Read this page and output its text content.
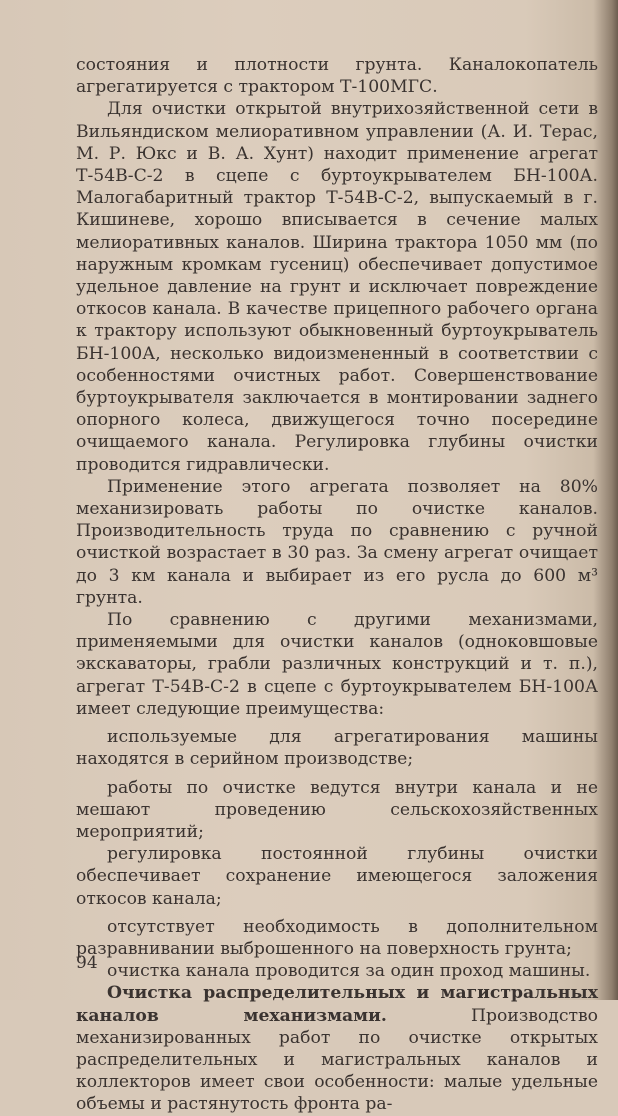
состояния и плотности грунта. Каналокопатель агрегатируется с трактором Т-100МГС.

Для очистки открытой внутрихозяйственной сети в Вильяндиском мелиоративном управлении (А. И. Терас, М. Р. Юкс и В. А. Хунт) находит применение агрегат Т-54В-С-2 в сцепе с буртоукрывателем БН-100А. Малогабаритный трактор Т-54В-С-2, выпускаемый в г. Кишиневе, хорошо вписывается в сечение малых мелиоративных каналов. Ширина трактора 1050 мм (по наружным кромкам гусениц) обеспечивает допустимое удельное давление на грунт и исключает повреждение откосов канала. В качестве прицепного рабочего органа к трактору используют обыкновенный буртоукрыватель БН-100А, несколько видоизмененный в соответствии с особенностями очистных работ. Совершенствование буртоукрывателя заключается в монтировании заднего опорного колеса, движущегося точно посередине очищаемого канала. Регулировка глубины очистки проводится гидравлически.

Применение этого агрегата позволяет на 80% механизировать работы по очистке каналов. Производительность труда по сравнению с ручной очисткой возрастает в 30 раз. За смену агрегат очищает до 3 км канала и выбирает из его русла до 600 м³ грунта.

По сравнению с другими механизмами, применяемыми для очистки каналов (одноковшовые экскаваторы, грабли различных конструкций и т. п.), агрегат Т-54В-С-2 в сцепе с буртоукрывателем БН-100А имеет следующие преимущества:

используемые для агрегатирования машины находятся в серийном производстве;

работы по очистке ведутся внутри канала и не мешают проведению сельскохозяйственных мероприятий;

регулировка постоянной глубины очистки обеспечивает сохранение имеющегося заложения откосов канала;

отсутствует необходимость в дополнительном разравнивании выброшенного на поверхность грунта;

очистка канала проводится за один проход машины.

Очистка распределительных и магистральных каналов механизмами. Производство механизированных работ по очистке открытых распределительных и магистральных каналов и коллекторов имеет свои особенности: малые удельные объемы и растянутость фронта ра-

94
